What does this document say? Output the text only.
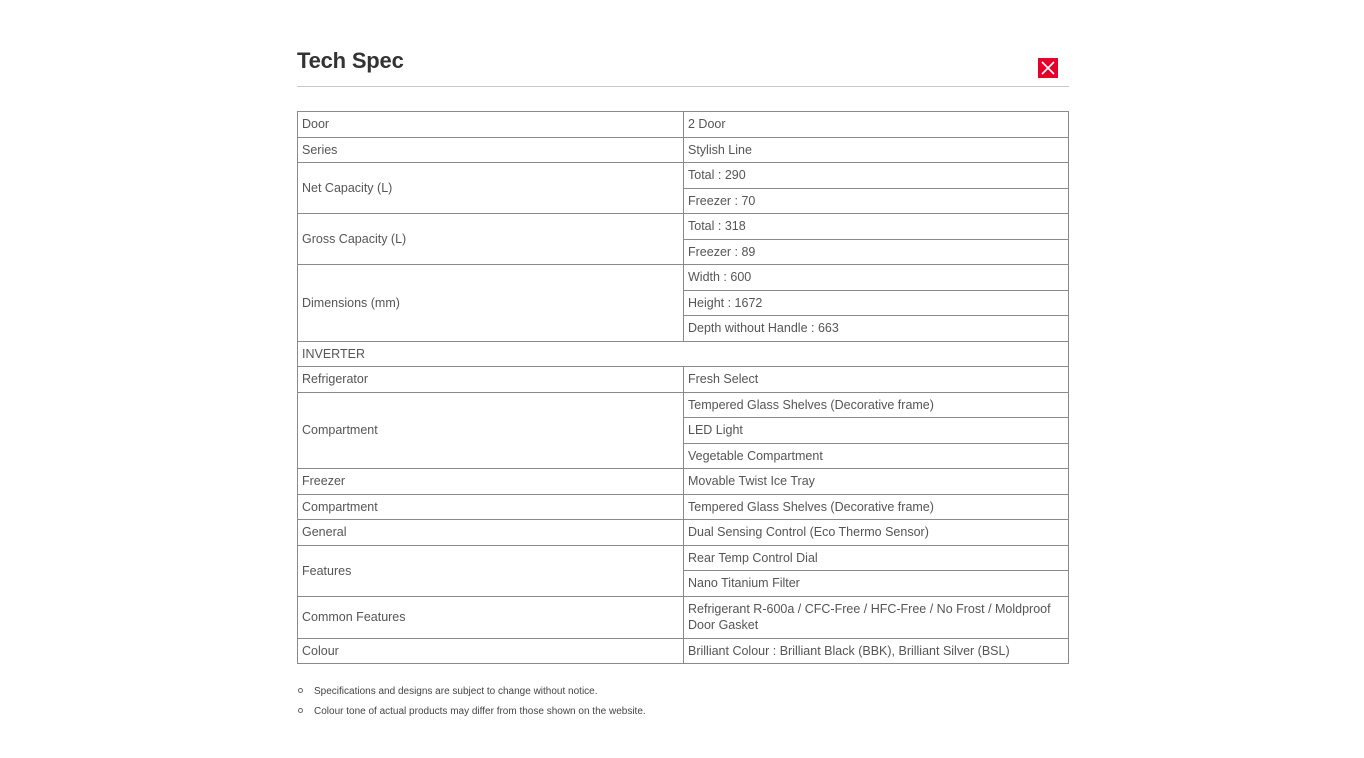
Tech Spec
Door	2 Door
Series	Stylish Line
Net Capacity (L)	Total : 290
	Freezer : 70
Gross Capacity (L)	Total : 318
	Freezer : 89
Dimensions (mm)	Width : 600
	Height : 1672
	Depth without Handle : 663
INVERTER	
Refrigerator	Fresh Select
Compartment	Tempered Glass Shelves (Decorative frame)
	LED Light
	Vegetable Compartment
Freezer	Movable Twist Ice Tray
Compartment	Tempered Glass Shelves (Decorative frame)
General	Dual Sensing Control (Eco Thermo Sensor)
Features	Rear Temp Control Dial
	Nano Titanium Filter
Common Features	Refrigerant R-600a / CFC-Free / HFC-Free / No Frost / Moldproof Door Gasket
Colour	Brilliant Colour : Brilliant Black (BBK), Brilliant Silver (BSL)
Specifications and designs are subject to change without notice.
Colour tone of actual products may differ from those shown on the website.
